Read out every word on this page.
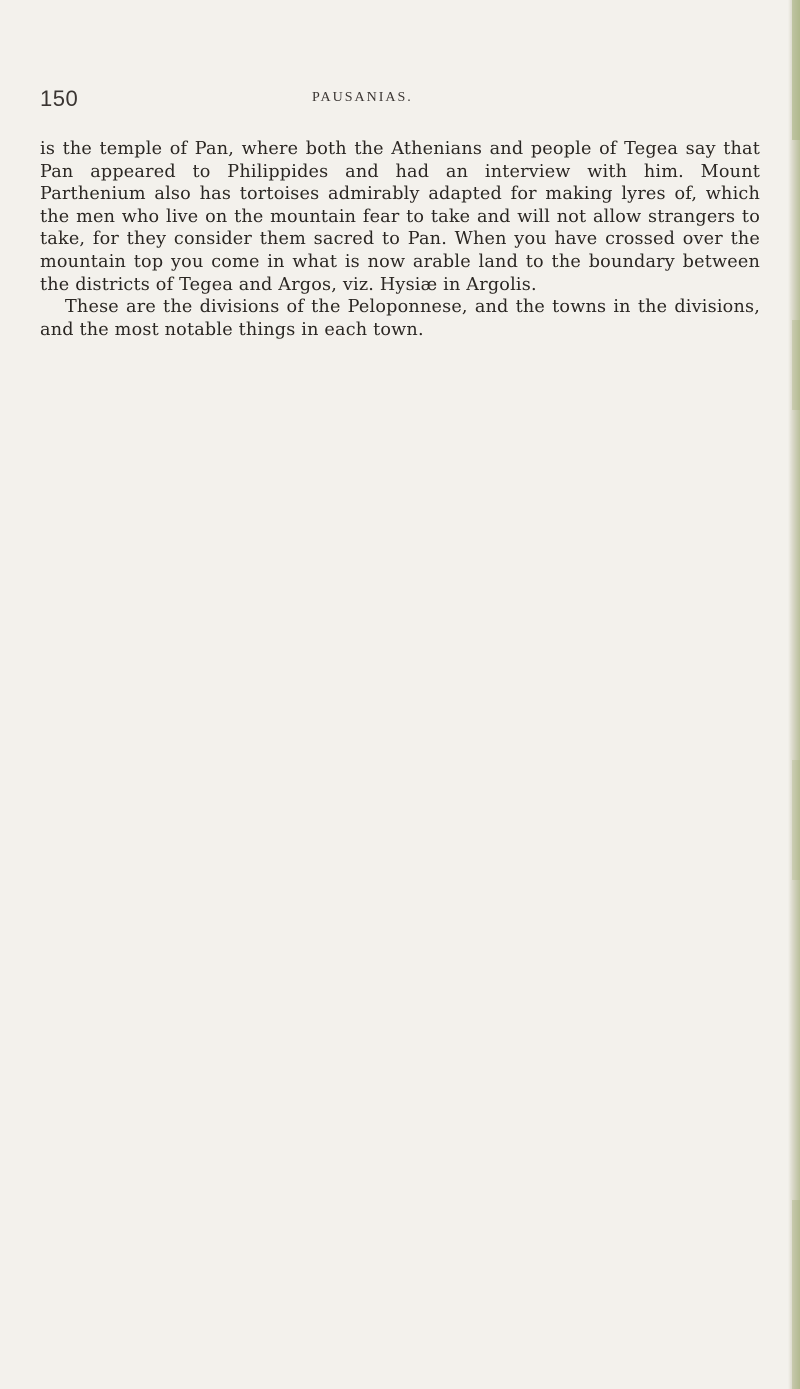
150	PAUSANIAS.

is the temple of Pan, where both the Athenians and people of Tegea say that Pan appeared to Philippides and had an interview with him. Mount Parthenium also has tortoises admirably adapted for making lyres of, which the men who live on the mountain fear to take and will not allow strangers to take, for they consider them sacred to Pan. When you have crossed over the mountain top you come in what is now arable land to the boundary between the districts of Tegea and Argos, viz. Hysiæ in Argolis.

These are the divisions of the Peloponnese, and the towns in the divisions, and the most notable things in each town.
